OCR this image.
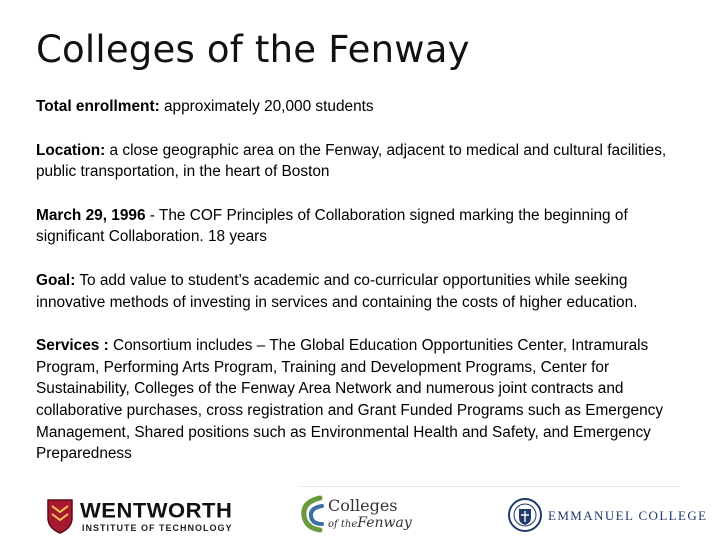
Colleges of the Fenway

Total enrollment: approximately 20,000 students

Location: a close geographic area on the Fenway, adjacent to medical and cultural facilities, public transportation, in the heart of Boston

March 29, 1996 - The COF Principles of Collaboration signed marking the beginning of significant Collaboration. 18 years

Goal: To add value to student’s academic and co-curricular opportunities while seeking innovative methods of investing in services and containing the costs of higher education.

Services : Consortium includes – The Global Education Opportunities Center, Intramurals Program, Performing Arts Program, Training and Development Programs, Center for Sustainability, Colleges of the Fenway Area Network and numerous joint contracts and collaborative purchases, cross registration and Grant Funded Programs such as Emergency Management, Shared positions such as Environmental Health and Safety, and Emergency Preparedness

WENTWORTH
INSTITUTE OF TECHNOLOGY
Colleges
of theFenway	EMMANUEL COLLEGE
